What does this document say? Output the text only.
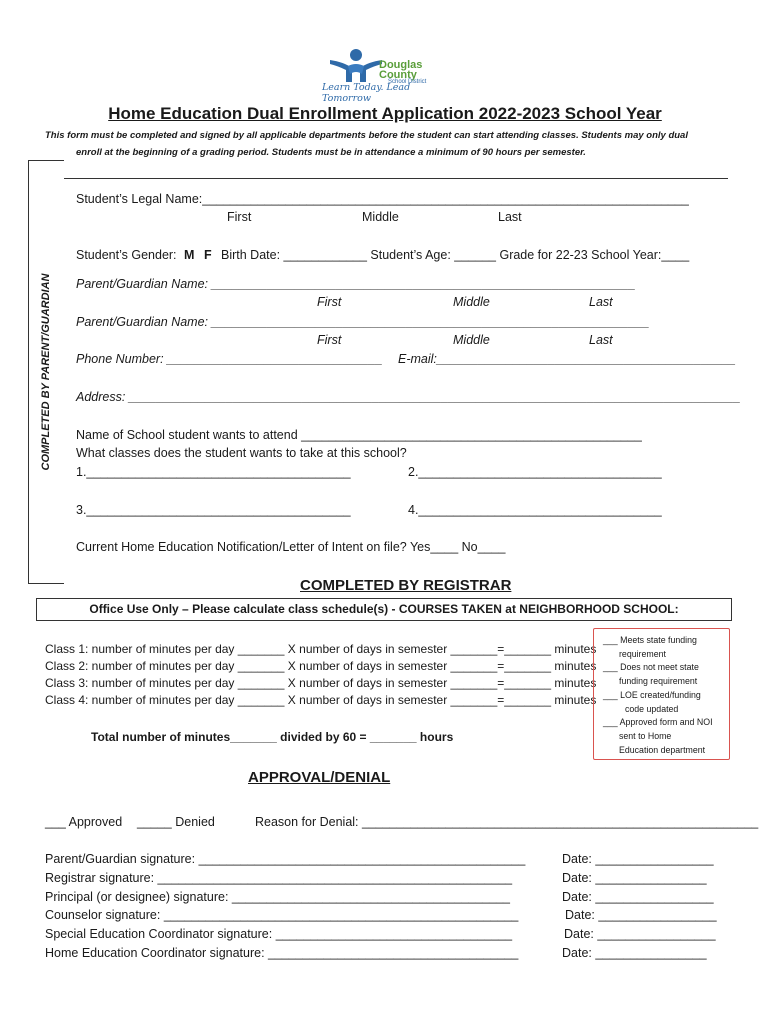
Douglas
County
School District
Learn Today. Lead Tomorrow
Home Education Dual Enrollment Application 2022-2023 School Year
This form must be completed and signed by all applicable departments before the student can start attending classes. Students may only dual
enroll at the beginning of a grading period. Students must be in attendance a minimum of 90 hours per semester.
COMPLETED BY PARENT/GUARDIAN
Student’s Legal Name:______________________________________________________________________
First	Middle	Last
Student’s Gender: M F Birth Date: ____________ Student’s Age: ______ Grade for 22-23 School Year:____
Parent/Guardian Name: _____________________________________________________________
First	Middle	Last
Parent/Guardian Name: _______________________________________________________________
First	Middle	Last
Phone Number: _______________________________ E-mail:___________________________________________
Address: ________________________________________________________________________________________
Name of School student wants to attend _________________________________________________
What classes does the student wants to take at this school?
1.______________________________________	2.___________________________________
3.______________________________________	4.___________________________________
Current Home Education Notification/Letter of Intent on file? Yes____ No____
COMPLETED BY REGISTRAR
Office Use Only – Please calculate class schedule(s) - COURSES TAKEN at NEIGHBORHOOD SCHOOL:
Class 1: number of minutes per day _______ X number of days in semester _______=_______ minutes
Class 2: number of minutes per day _______ X number of days in semester _______=_______ minutes
Class 3: number of minutes per day _______ X number of days in semester _______=_______ minutes
Class 4: number of minutes per day _______ X number of days in semester _______=_______ minutes
Total number of minutes_______ divided by 60 = _______ hours
___ Meets state funding
requirement
___ Does not meet state
funding requirement
___ LOE created/funding
code updated
___ Approved form and NOI
sent to Home
Education department
APPROVAL/DENIAL
___ Approved _____ Denied	Reason for Denial: _________________________________________________________
Parent/Guardian signature: _______________________________________________	Date: _________________
Registrar signature: ___________________________________________________	Date: ________________
Principal (or designee) signature: ________________________________________	Date: _________________
Counselor signature: ___________________________________________________	Date: _________________
Special Education Coordinator signature: __________________________________	Date: _________________
Home Education Coordinator signature: ____________________________________	Date: ________________
